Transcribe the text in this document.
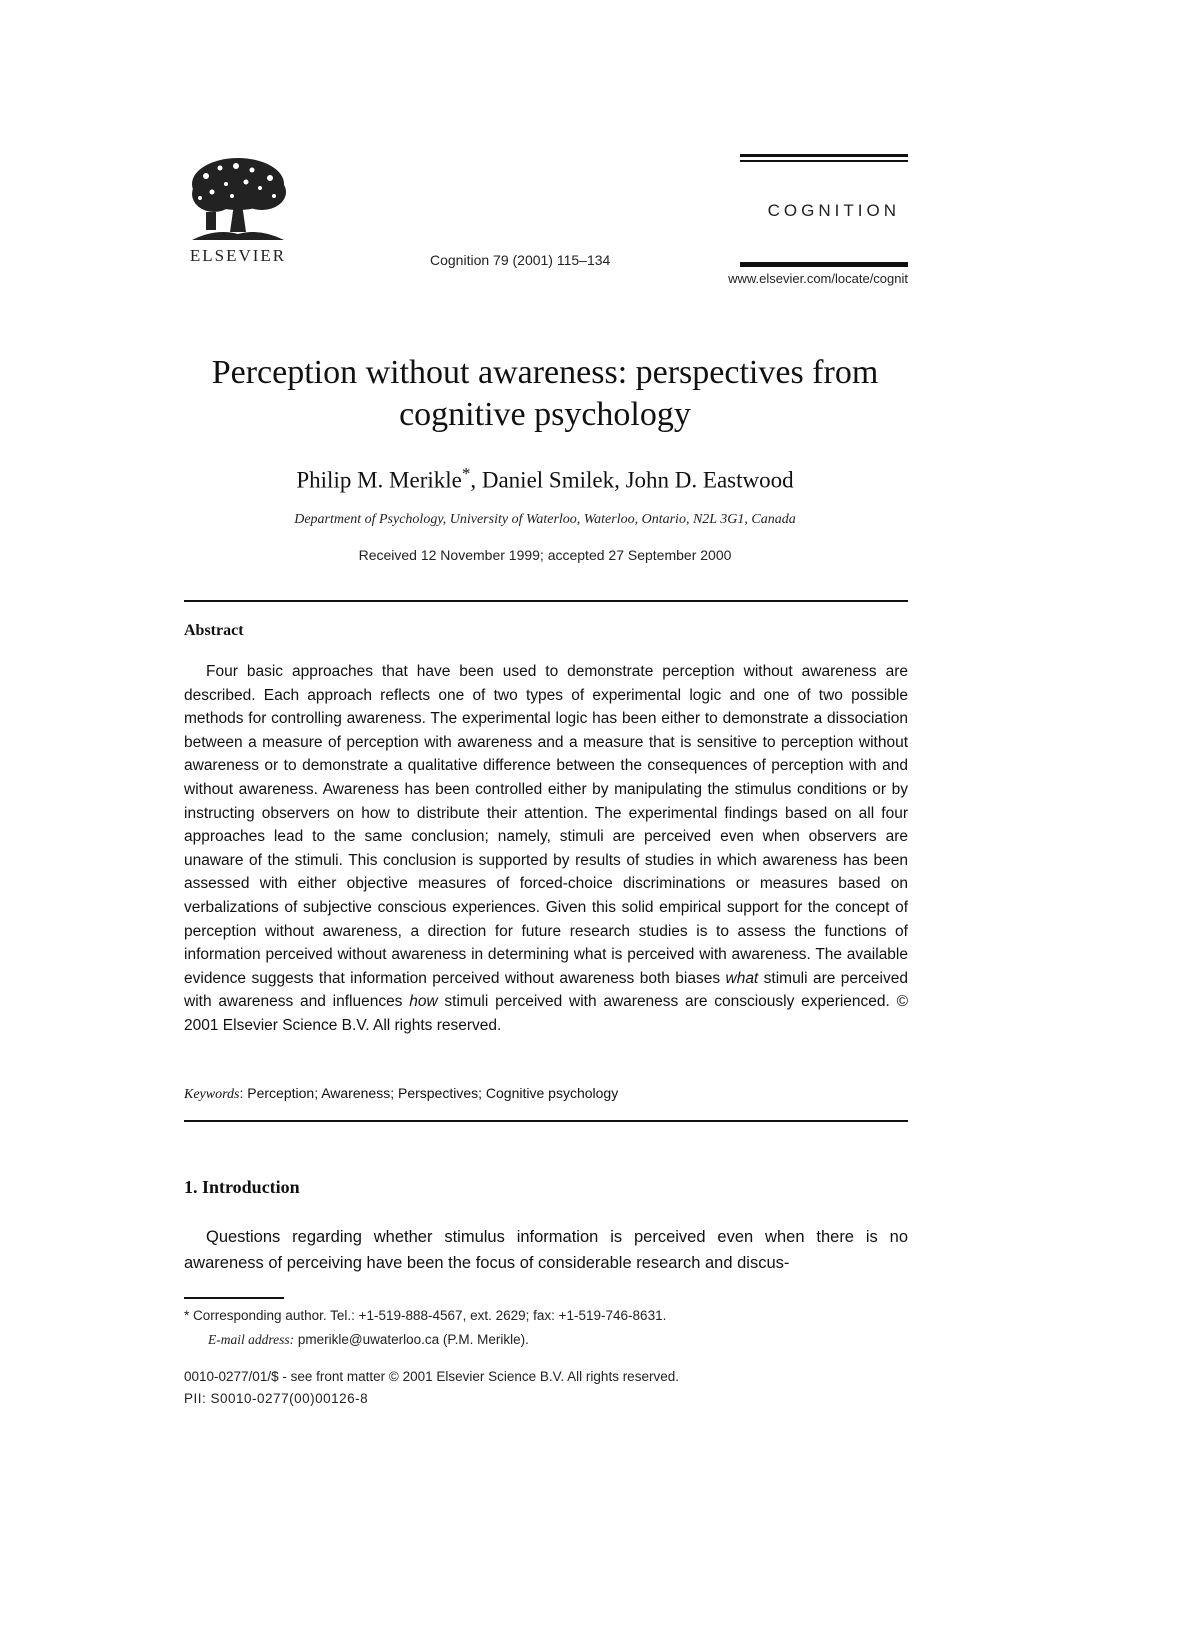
ELSEVIER	Cognition 79 (2001) 115–134
COGNITION
www.elsevier.com/locate/cognit
Perception without awareness: perspectives from cognitive psychology
Philip M. Merikle*, Daniel Smilek, John D. Eastwood
Department of Psychology, University of Waterloo, Waterloo, Ontario, N2L 3G1, Canada
Received 12 November 1999; accepted 27 September 2000
Abstract
Four basic approaches that have been used to demonstrate perception without awareness are described. Each approach reflects one of two types of experimental logic and one of two possible methods for controlling awareness. The experimental logic has been either to demonstrate a dissociation between a measure of perception with awareness and a measure that is sensitive to perception without awareness or to demonstrate a qualitative difference between the consequences of perception with and without awareness. Awareness has been controlled either by manipulating the stimulus conditions or by instructing observers on how to distribute their attention. The experimental findings based on all four approaches lead to the same conclusion; namely, stimuli are perceived even when observers are unaware of the stimuli. This conclusion is supported by results of studies in which awareness has been assessed with either objective measures of forced-choice discriminations or measures based on verbalizations of subjective conscious experiences. Given this solid empirical support for the concept of perception without awareness, a direction for future research studies is to assess the functions of information perceived without awareness in determining what is perceived with awareness. The available evidence suggests that information perceived without awareness both biases what stimuli are perceived with awareness and influences how stimuli perceived with awareness are consciously experienced. © 2001 Elsevier Science B.V. All rights reserved.
Keywords: Perception; Awareness; Perspectives; Cognitive psychology
1. Introduction
Questions regarding whether stimulus information is perceived even when there is no awareness of perceiving have been the focus of considerable research and discus-
* Corresponding author. Tel.: +1-519-888-4567, ext. 2629; fax: +1-519-746-8631.
E-mail address: pmerikle@uwaterloo.ca (P.M. Merikle).
0010-0277/01/$ - see front matter © 2001 Elsevier Science B.V. All rights reserved.
PII: S0010-0277(00)00126-8
